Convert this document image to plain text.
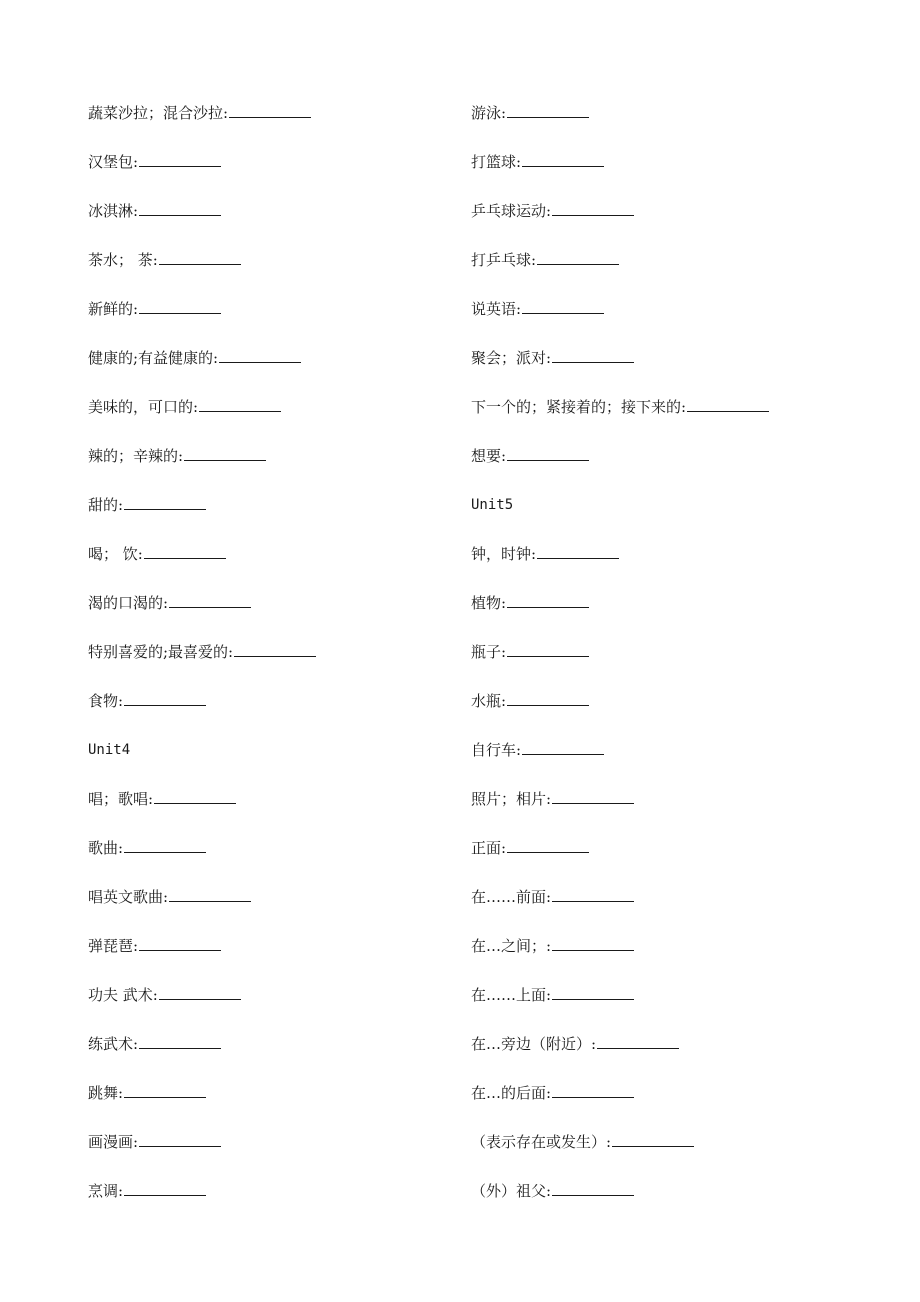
蔬菜沙拉；混合沙拉:
汉堡包:
冰淇淋:
茶水； 茶:
新鲜的:
健康的;有益健康的:
美味的，可口的:
辣的；辛辣的:
甜的:
喝； 饮:
渴的口渴的:
特别喜爱的;最喜爱的:
食物:
Unit4
唱；歌唱:
歌曲:
唱英文歌曲:
弹琵琶:
功夫 武术:
练武术:
跳舞:
画漫画:
烹调:
游泳:
打篮球:
乒乓球运动:
打乒乓球:
说英语:
聚会；派对:
下一个的；紧接着的；接下来的:
想要:
Unit5
钟，时钟:
植物:
瓶子:
水瓶:
自行车:
照片；相片:
正面:
在……前面:
在…之间；:
在……上面:
在…旁边（附近）:
在…的后面:
（表示存在或发生）:
（外）祖父:
